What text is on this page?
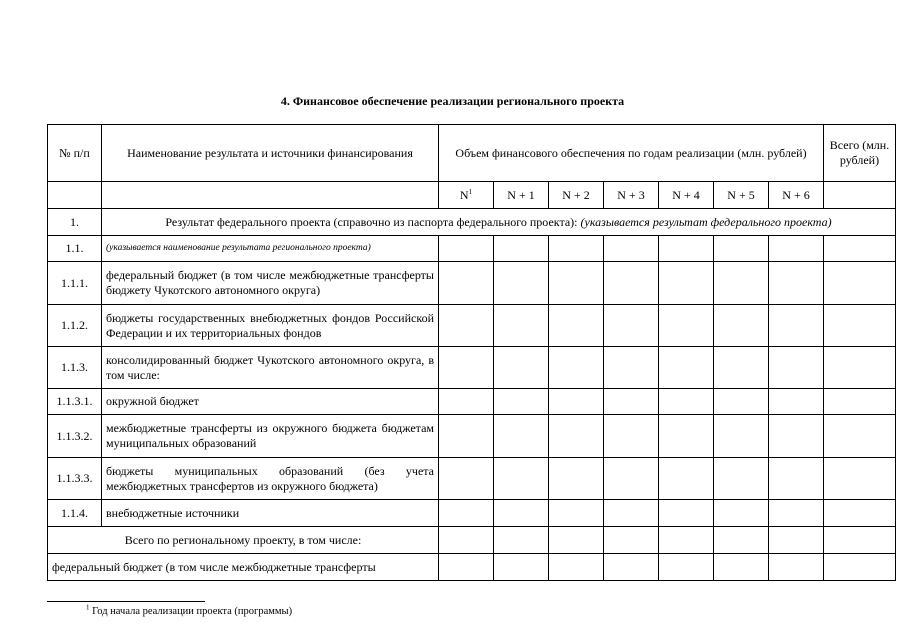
4. Финансовое обеспечение реализации регионального проекта
№ п/п	Наименование результата и источники финансирования	Объем финансового обеспечения по годам реализации (млн. рублей)							Всего (млн. рублей)
		$N^1$	N + 1	N + 2	N + 3	N + 4	N + 5	N + 6	
1.	Результат федерального проекта (справочно из паспорта федерального проекта): (указывается результат федерального проекта)								
1.1.	(указывается наименование результата регионального проекта)								
1.1.1.	федеральный бюджет (в том числе межбюджетные трансферты бюджету Чукотского автономного округа)								
1.1.2.	бюджеты государственных внебюджетных фондов Российской Федерации и их территориальных фондов								
1.1.3.	консолидированный бюджет Чукотского автономного округа, в том числе:								
1.1.3.1.	окружной бюджет								
1.1.3.2.	межбюджетные трансферты из окружного бюджета бюджетам муниципальных образований								
1.1.3.3.	бюджеты муниципальных образований (без учета межбюджетных трансфертов из окружного бюджета)								
1.1.4.	внебюджетные источники								
Всего по региональному проекту, в том числе:									
федеральный бюджет (в том числе межбюджетные трансферты									
$^1$ Год начала реализации проекта (программы)
